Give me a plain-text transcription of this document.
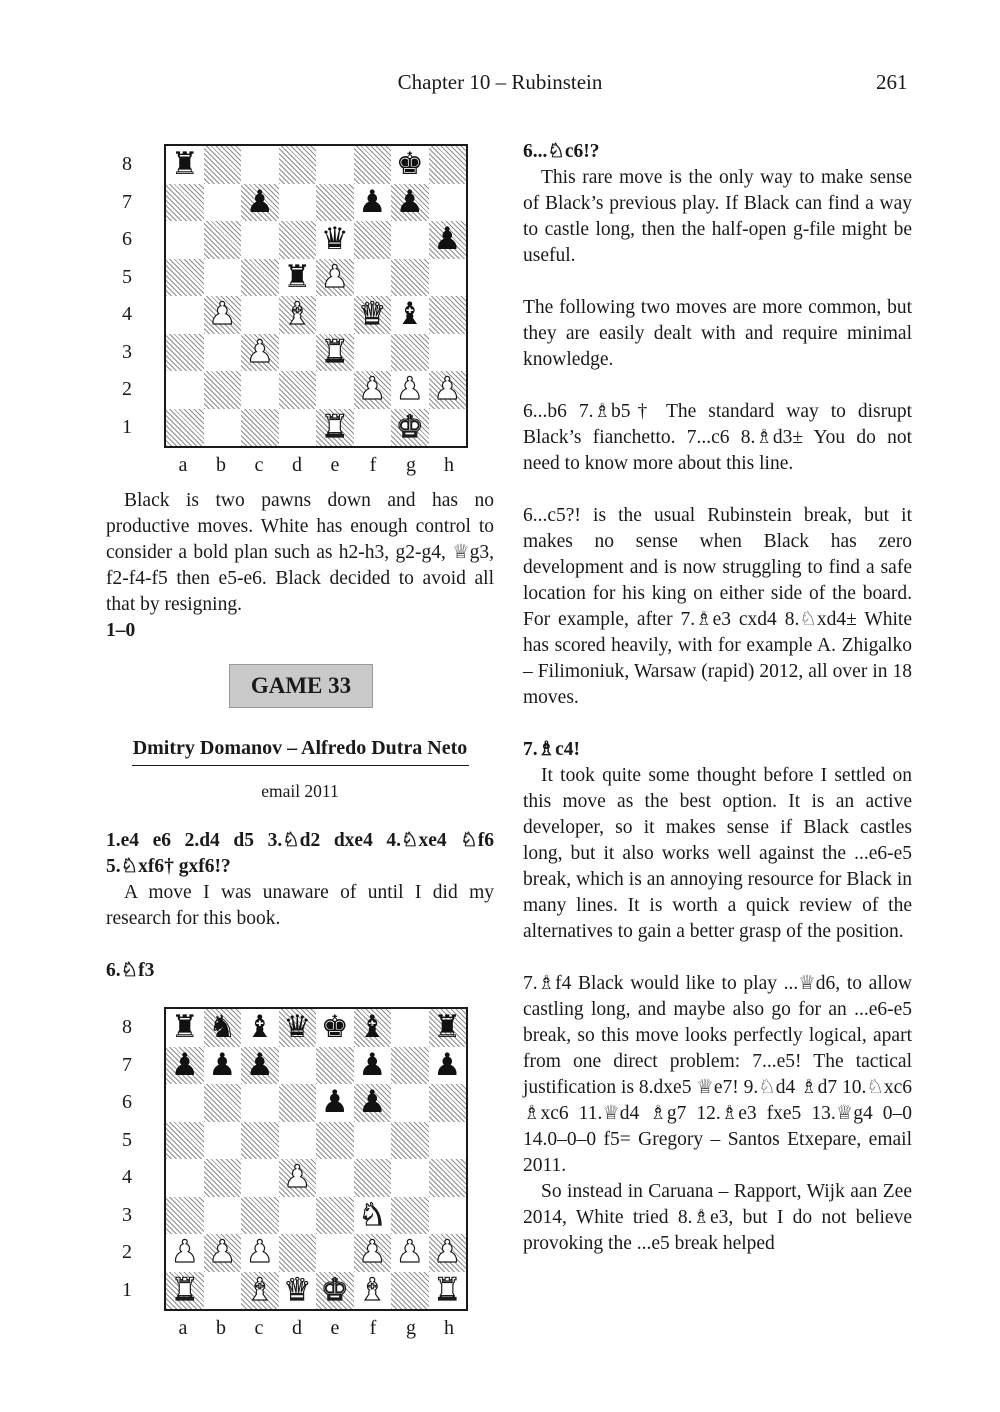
Chapter 10 – Rubinstein	261
8
7
6
5
4
3
2
1
♜	♚
♟	♟ ♟
♛	♟
♜ ♟
♟ ♝ ♛ ♝
♟ ♜
♟ ♟ ♟
♜ ♚
a	b	c	d	e	f	g	h

Black is two pawns down and has no productive moves. White has enough control to consider a bold plan such as h2-h3, g2-g4, ♕g3, f2-f4-f5 then e5-e6. Black decided to avoid all that by resigning.

1–0

GAME 33
Dmitry Domanov – Alfredo Dutra Neto
email 2011

1.e4 e6 2.d4 d5 3.♘d2 dxe4 4.♘xe4 ♘f6 5.♘xf6† gxf6!?

A move I was unaware of until I did my research for this book.

6.♘f3

8
7
6
5
4
3
2
1
♜ ♞ ♝ ♛ ♚ ♝ ♜
♟ ♟ ♟	♟ ♟
♟ ♟
♟
♞
♟ ♟ ♟	♟ ♟ ♟
♜ ♝ ♛ ♚ ♝ ♜
a	b	c	d	e	f	g	h

6...♘c6!?

This rare move is the only way to make sense of Black’s previous play. If Black can find a way to castle long, then the half-open g-file might be useful.

The following two moves are more common, but they are easily dealt with and require minimal knowledge.

6...b6 7.♗b5† The standard way to disrupt Black’s fianchetto. 7...c6 8.♗d3± You do not need to know more about this line.

6...c5?! is the usual Rubinstein break, but it makes no sense when Black has zero development and is now struggling to find a safe location for his king on either side of the board. For example, after 7.♗e3 cxd4 8.♘xd4± White has scored heavily, with for example A. Zhigalko – Filimoniuk, Warsaw (rapid) 2012, all over in 18 moves.

7.♗c4!

It took quite some thought before I settled on this move as the best option. It is an active developer, so it makes sense if Black castles long, but it also works well against the ...e6-e5 break, which is an annoying resource for Black in many lines. It is worth a quick review of the alternatives to gain a better grasp of the position.

7.♗f4 Black would like to play ...♕d6, to allow castling long, and maybe also go for an ...e6-e5 break, so this move looks perfectly logical, apart from one direct problem: 7...e5! The tactical justification is 8.dxe5 ♕e7! 9.♘d4 ♗d7 10.♘xc6 ♗xc6 11.♕d4 ♗g7 12.♗e3 fxe5 13.♕g4 0–0 14.0–0–0 f5= Gregory – Santos Etxepare, email 2011.

So instead in Caruana – Rapport, Wijk aan Zee 2014, White tried 8.♗e3, but I do not believe provoking the ...e5 break helped
